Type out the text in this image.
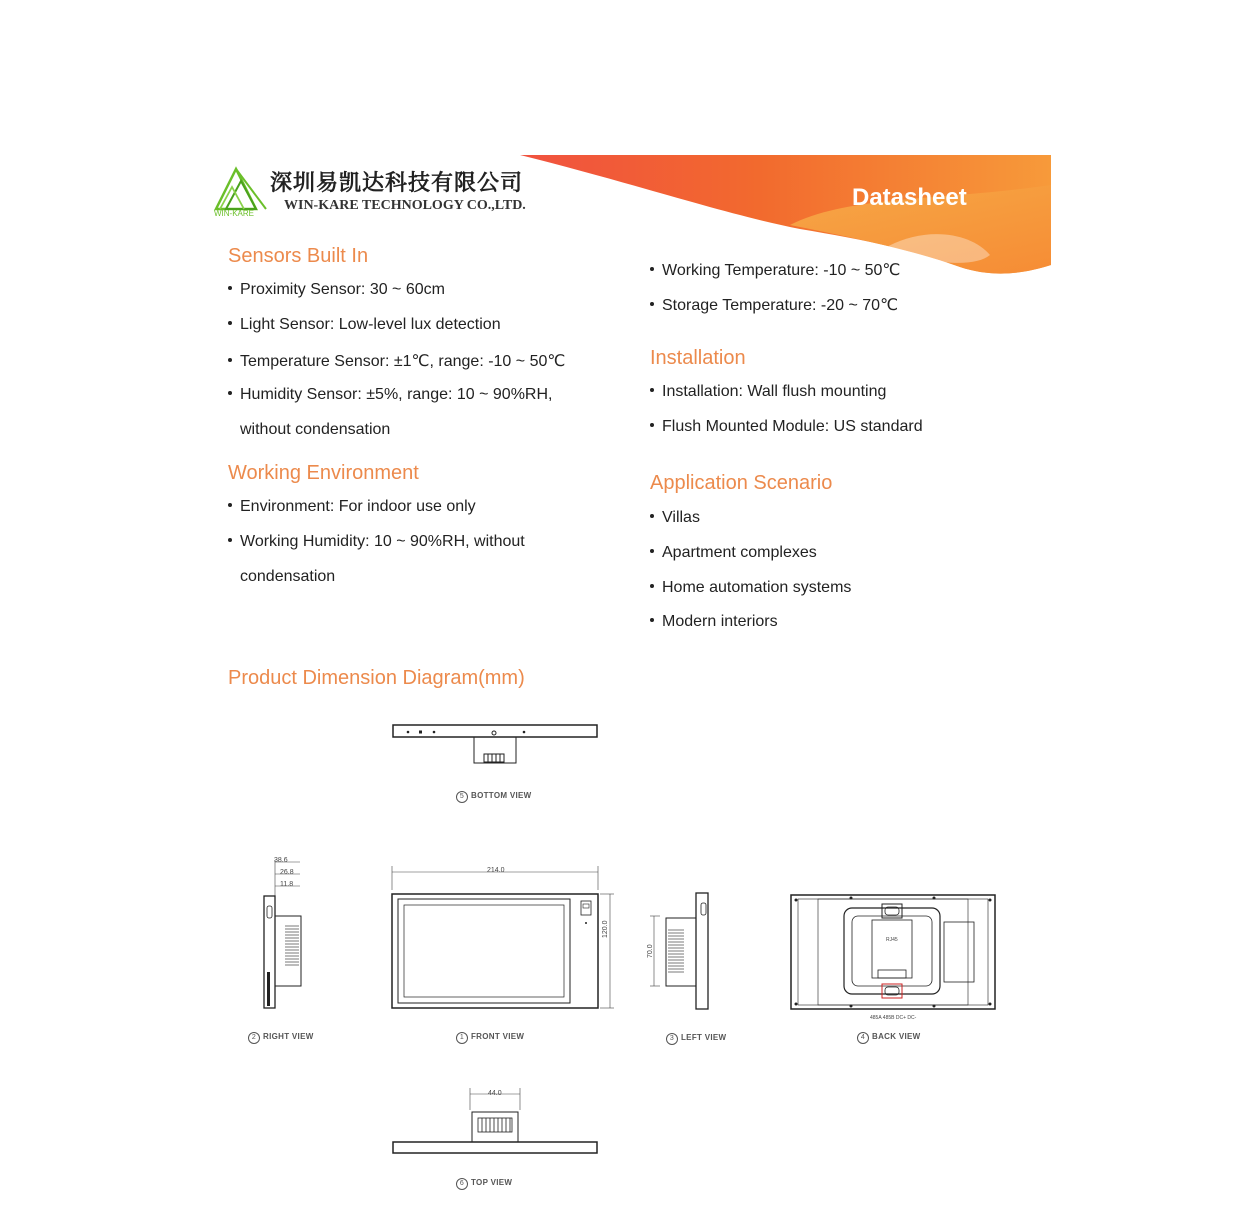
WIN-KARE
深圳易凯达科技有限公司
WIN-KARE TECHNOLOGY CO.,LTD.	Datasheet
Sensors Built In
Proximity Sensor: 30 ~ 60cm
Light Sensor: Low-level lux detection
Temperature Sensor: ±1℃, range: -10 ~ 50℃
Humidity Sensor: ±5%, range: 10 ~ 90%RH,
without condensation
Working Environment
Environment: For indoor use only
Working Humidity: 10 ~ 90%RH, without
condensation
Working Temperature: -10 ~ 50℃
Storage Temperature: -20 ~ 70℃
Installation
Installation: Wall flush mounting
Flush Mounted Module: US standard
Application Scenario
Villas
Apartment complexes
Home automation systems
Modern interiors
Product Dimension Diagram(mm)
5 BOTTOM VIEW
38.6
26.8
11.8
2 RIGHT VIEW
214.0
120.0
1 FRONT VIEW
70.0
3 LEFT VIEW
RJ45
485A 485B DC+ DC-
4 BACK VIEW
44.0
6 TOP VIEW
